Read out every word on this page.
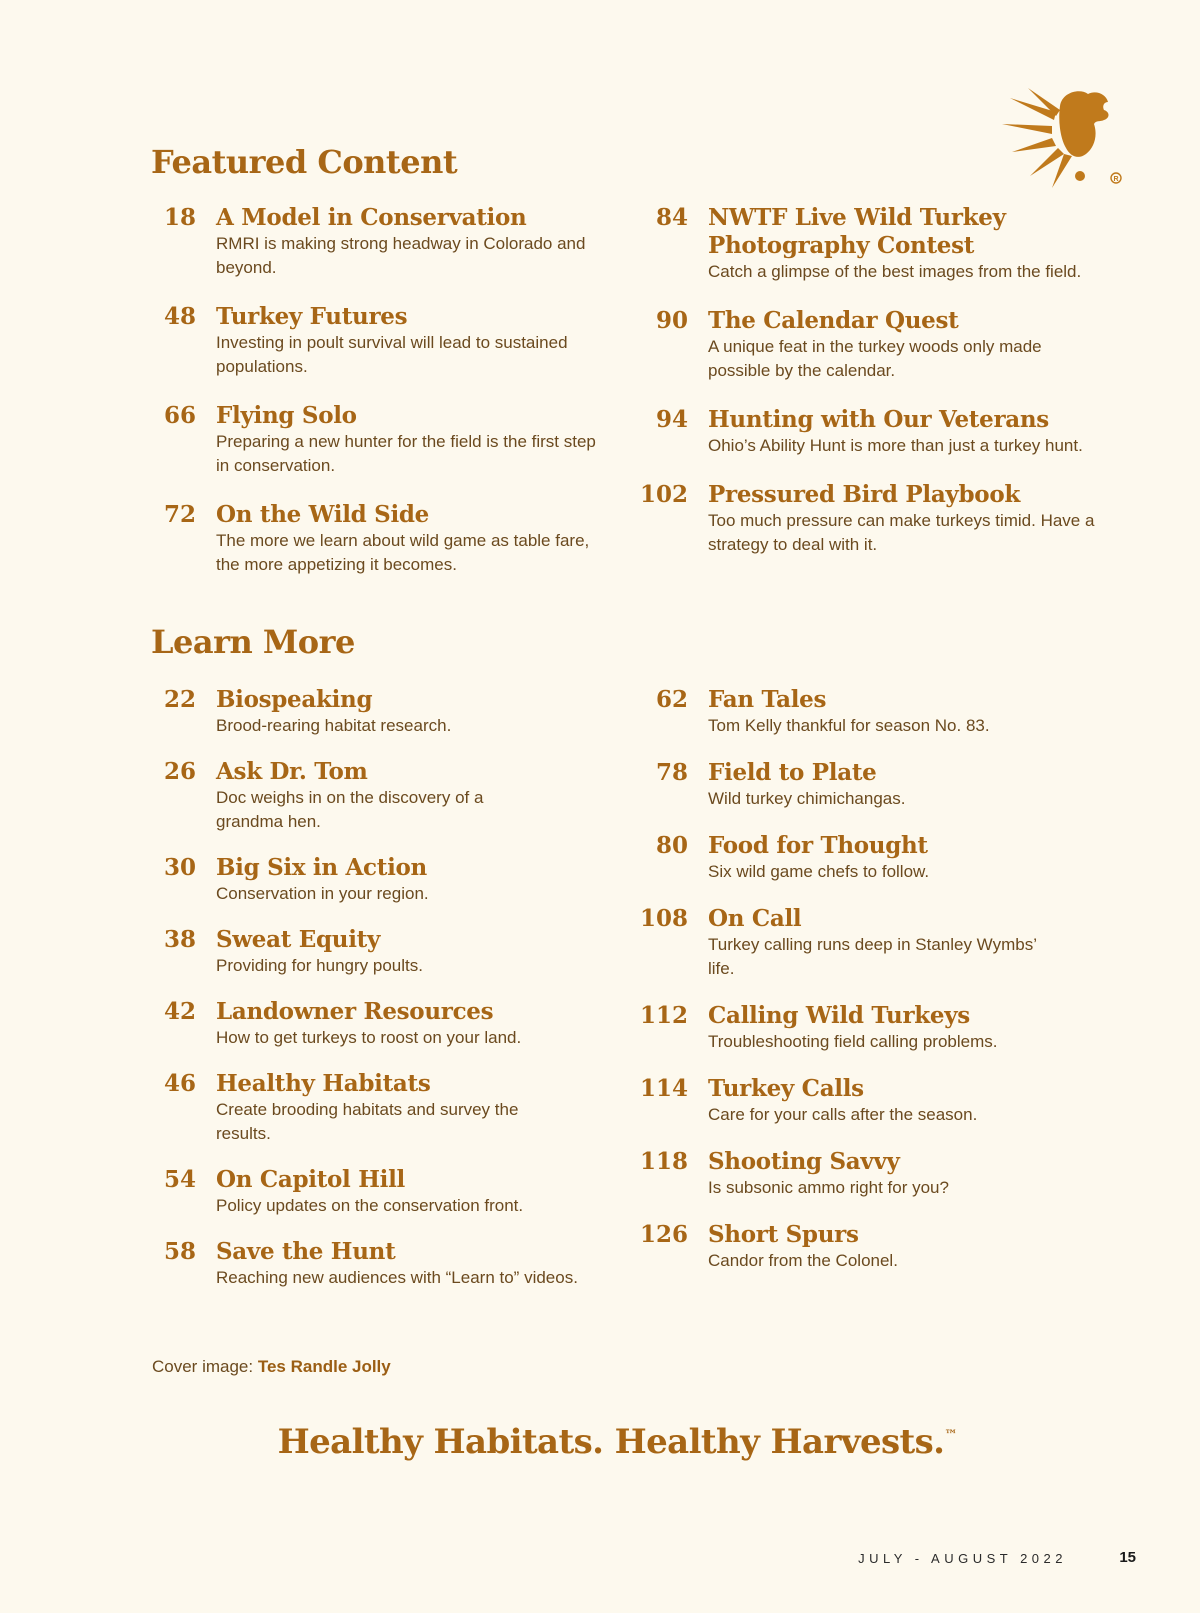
R
Featured Content
18 A Model in Conservation
RMRI is making strong headway in Colorado and beyond.
48 Turkey Futures
Investing in poult survival will lead to sustained populations.
66 Flying Solo
Preparing a new hunter for the field is the first step in conservation.
72 On the Wild Side
The more we learn about wild game as table fare, the more appetizing it becomes.
84 NWTF Live Wild Turkey Photography Contest
Catch a glimpse of the best images from the field.
90 The Calendar Quest
A unique feat in the turkey woods only made possible by the calendar.
94 Hunting with Our Veterans
Ohio’s Ability Hunt is more than just a turkey hunt.
102 Pressured Bird Playbook
Too much pressure can make turkeys timid. Have a strategy to deal with it.
Learn More
22 Biospeaking
Brood-rearing habitat research.
26 Ask Dr. Tom
Doc weighs in on the discovery of a grandma hen.
30 Big Six in Action
Conservation in your region.
38 Sweat Equity
Providing for hungry poults.
42 Landowner Resources
How to get turkeys to roost on your land.
46 Healthy Habitats
Create brooding habitats and survey the results.
54 On Capitol Hill
Policy updates on the conservation front.
58 Save the Hunt
Reaching new audiences with “Learn to” videos.
62 Fan Tales
Tom Kelly thankful for season No. 83.
78 Field to Plate
Wild turkey chimichangas.
80 Food for Thought
Six wild game chefs to follow.
108 On Call
Turkey calling runs deep in Stanley Wymbs’ life.
112 Calling Wild Turkeys
Troubleshooting field calling problems.
114 Turkey Calls
Care for your calls after the season.
118 Shooting Savvy
Is subsonic ammo right for you?
126 Short Spurs
Candor from the Colonel.
Cover image: Tes Randle Jolly
Healthy Habitats. Healthy Harvests.™
JULY - AUGUST 2022	15
